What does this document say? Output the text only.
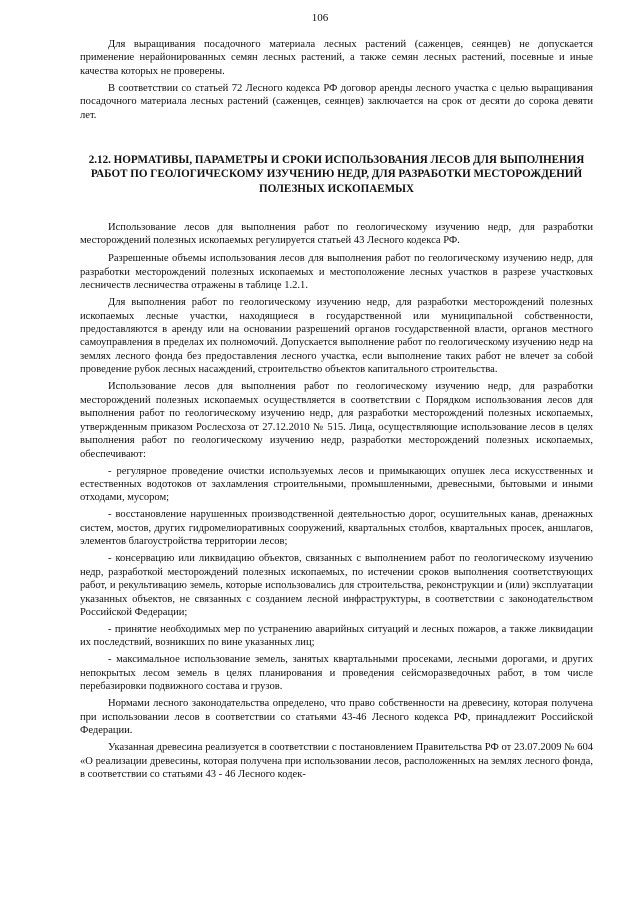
106

Для выращивания посадочного материала лесных растений (саженцев, сеянцев) не допускается применение нерайонированных семян лесных растений, а также семян лесных растений, посевные и иные качества которых не проверены.

В соответствии со статьей 72 Лесного кодекса РФ договор аренды лесного участка с целью выращивания посадочного материала лесных растений (саженцев, сеянцев) заключается на срок от десяти до сорока девяти лет.

2.12. НОРМАТИВЫ, ПАРАМЕТРЫ И СРОКИ ИСПОЛЬЗОВАНИЯ ЛЕСОВ ДЛЯ ВЫПОЛНЕНИЯ РАБОТ ПО ГЕОЛОГИЧЕСКОМУ ИЗУЧЕНИЮ НЕДР, ДЛЯ РАЗРАБОТКИ МЕСТОРОЖДЕНИЙ ПОЛЕЗНЫХ ИСКОПАЕМЫХ

Использование лесов для выполнения работ по геологическому изучению недр, для разработки месторождений полезных ископаемых регулируется статьей 43 Лесного кодекса РФ.

Разрешенные объемы использования лесов для выполнения работ по геологическому изучению недр, для разработки месторождений полезных ископаемых и местоположение лесных участков в разрезе участковых лесничеств лесничества отражены в таблице 1.2.1.

Для выполнения работ по геологическому изучению недр, для разработки месторождений полезных ископаемых лесные участки, находящиеся в государственной или муниципальной собственности, предоставляются в аренду или на основании разрешений органов государственной власти, органов местного самоуправления в пределах их полномочий. Допускается выполнение работ по геологическому изучению недр на землях лесного фонда без предоставления лесного участка, если выполнение таких работ не влечет за собой проведение рубок лесных насаждений, строительство объектов капитального строительства.

Использование лесов для выполнения работ по геологическому изучению недр, для разработки месторождений полезных ископаемых осуществляется в соответствии с Порядком использования лесов для выполнения работ по геологическому изучению недр, для разработки месторождений полезных ископаемых, утвержденным приказом Рослесхоза от 27.12.2010 № 515. Лица, осуществляющие использование лесов в целях выполнения работ по геологическому изучению недр, разработки месторождений полезных ископаемых, обеспечивают:

- регулярное проведение очистки используемых лесов и примыкающих опушек леса искусственных и естественных водотоков от захламления строительными, промышленными, древесными, бытовыми и иными отходами, мусором;

- восстановление нарушенных производственной деятельностью дорог, осушительных канав, дренажных систем, мостов, других гидромелиоративных сооружений, квартальных столбов, квартальных просек, аншлагов, элементов благоустройства территории лесов;

- консервацию или ликвидацию объектов, связанных с выполнением работ по геологическому изучению недр, разработкой месторождений полезных ископаемых, по истечении сроков выполнения соответствующих работ, и рекультивацию земель, которые использовались для строительства, реконструкции и (или) эксплуатации указанных объектов, не связанных с созданием лесной инфраструктуры, в соответствии с законодательством Российской Федерации;

- принятие необходимых мер по устранению аварийных ситуаций и лесных пожаров, а также ликвидации их последствий, возникших по вине указанных лиц;

- максимальное использование земель, занятых квартальными просеками, лесными дорогами, и других непокрытых лесом земель в целях планирования и проведения сейсморазведочных работ, в том числе перебазировки подвижного состава и грузов.

Нормами лесного законодательства определено, что право собственности на древесину, которая получена при использовании лесов в соответствии со статьями 43-46 Лесного кодекса РФ, принадлежит Российской Федерации.

Указанная древесина реализуется в соответствии с постановлением Правительства РФ от 23.07.2009 № 604 «О реализации древесины, которая получена при использовании лесов, расположенных на землях лесного фонда, в соответствии со статьями 43 - 46 Лесного кодек-
